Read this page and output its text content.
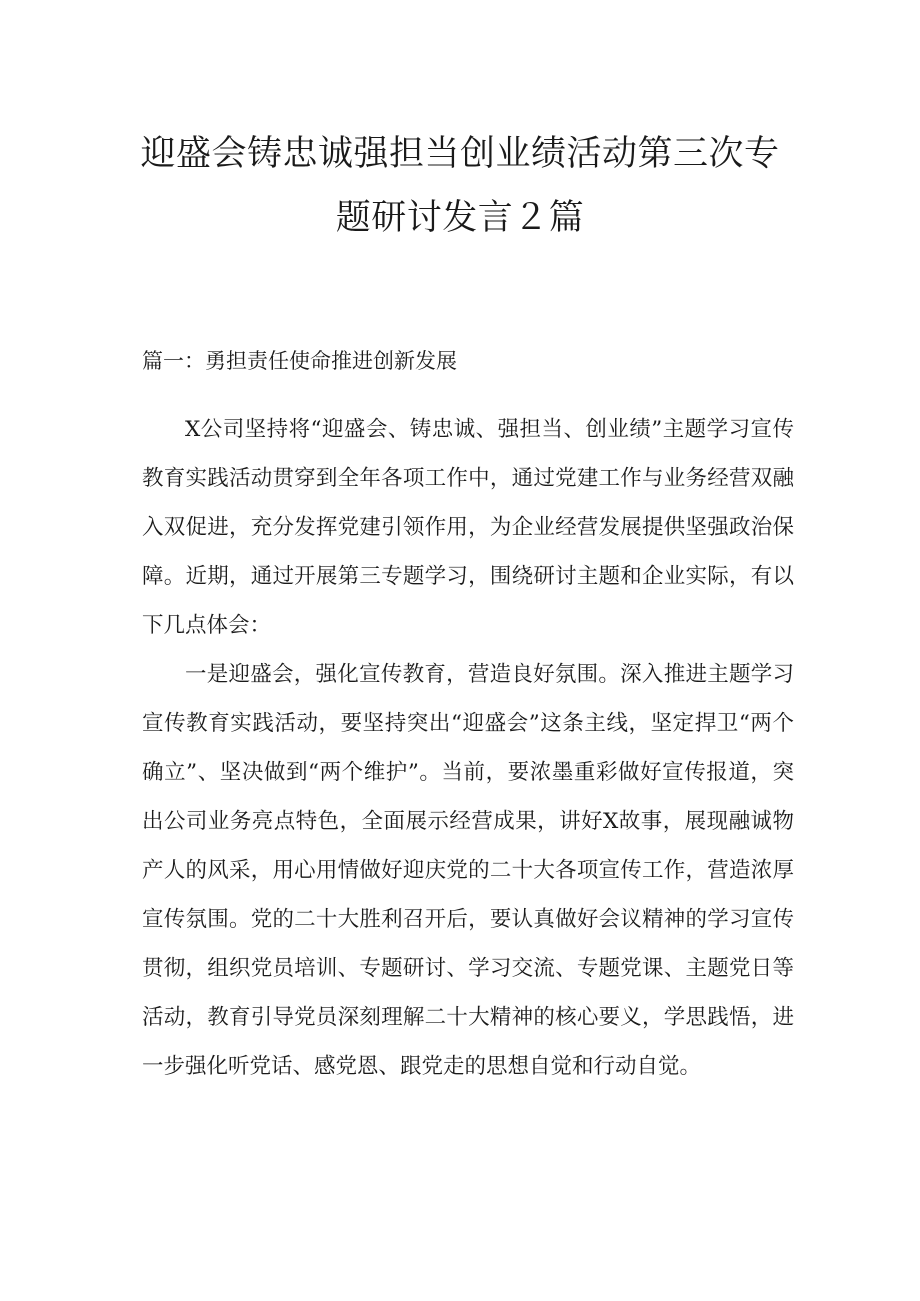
迎盛会铸忠诚强担当创业绩活动第三次专
题研讨发言２篇
篇一：勇担责任使命推进创新发展

X公司坚持将“迎盛会、铸忠诚、强担当、创业绩”主题学习宣传教育实践活动贯穿到全年各项工作中，通过党建工作与业务经营双融入双促进，充分发挥党建引领作用，为企业经营发展提供坚强政治保障。近期，通过开展第三专题学习，围绕研讨主题和企业实际，有以下几点体会：

一是迎盛会，强化宣传教育，营造良好氛围。深入推进主题学习宣传教育实践活动，要坚持突出“迎盛会”这条主线，坚定捍卫“两个确立”、坚决做到“两个维护”。当前，要浓墨重彩做好宣传报道，突出公司业务亮点特色，全面展示经营成果，讲好X故事，展现融诚物产人的风采，用心用情做好迎庆党的二十大各项宣传工作，营造浓厚宣传氛围。党的二十大胜利召开后，要认真做好会议精神的学习宣传贯彻，组织党员培训、专题研讨、学习交流、专题党课、主题党日等活动，教育引导党员深刻理解二十大精神的核心要义，学思践悟，进一步强化听党话、感党恩、跟党走的思想自觉和行动自觉。
